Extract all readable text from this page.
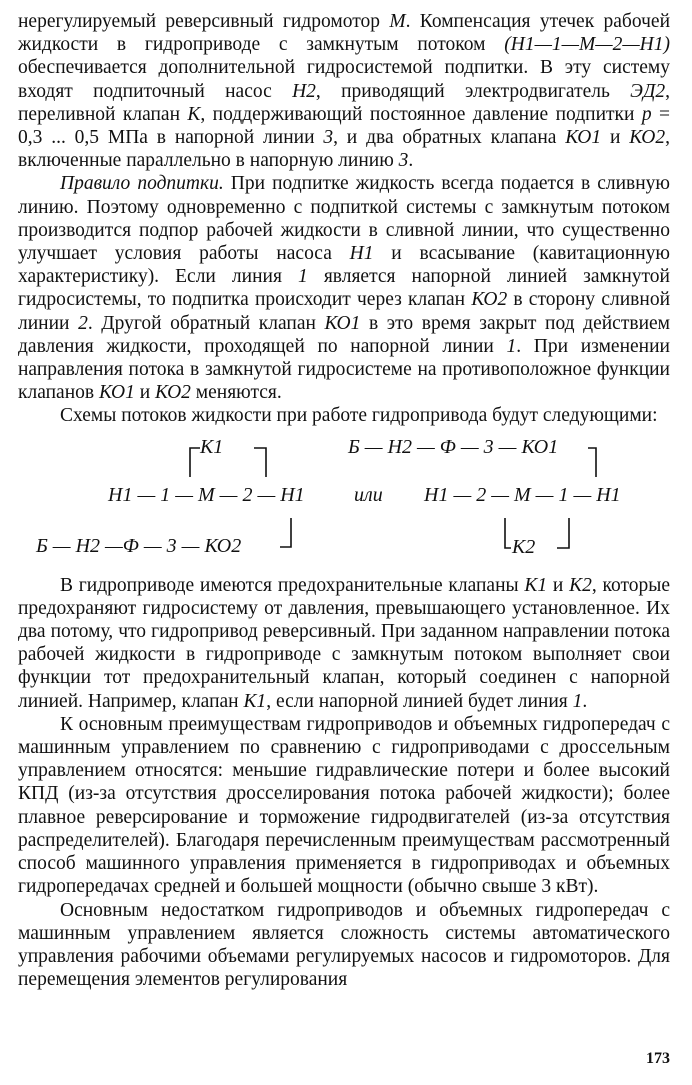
нерегулируемый реверсивный гидромотор М. Компенсация утечек рабочей жидкости в гидроприводе с замкнутым потоком (Н1—1—М—2—Н1) обеспечивается дополнительной гидросистемой подпитки. В эту систему входят подпиточный насос Н2, приводящий электродвигатель ЭД2, переливной клапан К, поддерживающий постоянное давление подпитки p = 0,3 ... 0,5 МПа в напорной линии 3, и два обратных клапана КО1 и КО2, включенные параллельно в напорную линию 3.

Правило подпитки. При подпитке жидкость всегда подается в сливную линию. Поэтому одновременно с подпиткой системы с замкнутым потоком производится подпор рабочей жидкости в сливной линии, что существенно улучшает условия работы насоса Н1 и всасывание (кавитационную характеристику). Если линия 1 является напорной линией замкнутой гидросистемы, то подпитка происходит через клапан КО2 в сторону сливной линии 2. Другой обратный клапан КО1 в это время закрыт под действием давления жидкости, проходящей по напорной линии 1. При изменении направления потока в замкнутой гидросистеме на противоположное функции клапанов КО1 и КО2 меняются.

Схемы потоков жидкости при работе гидропривода будут следующими:

К1
Н1 — 1 — М — 2 — Н1
Б — Н2 —Ф — 3 — КО2
или
Б — Н2 — Ф — 3 — КО1
Н1 — 2 — М — 1 — Н1
К2

В гидроприводе имеются предохранительные клапаны К1 и К2, которые предохраняют гидросистему от давления, превышающего установленное. Их два потому, что гидропривод реверсивный. При заданном направлении потока рабочей жидкости в гидроприводе с замкнутым потоком выполняет свои функции тот предохранительный клапан, который соединен с напорной линией. Например, клапан К1, если напорной линией будет линия 1.

К основным преимуществам гидроприводов и объемных гидропередач с машинным управлением по сравнению с гидроприводами с дроссельным управлением относятся: меньшие гидравлические потери и более высокий КПД (из-за отсутствия дросселирования потока рабочей жидкости); более плавное реверсирование и торможение гидродвигателей (из-за отсутствия распределителей). Благодаря перечисленным преимуществам рассмотренный способ машинного управления применяется в гидроприводах и объемных гидропередачах средней и большей мощности (обычно свыше 3 кВт).

Основным недостатком гидроприводов и объемных гидропередач с машинным управлением является сложность системы автоматического управления рабочими объемами регулируемых насосов и гидромоторов. Для перемещения элементов регулирования

173
